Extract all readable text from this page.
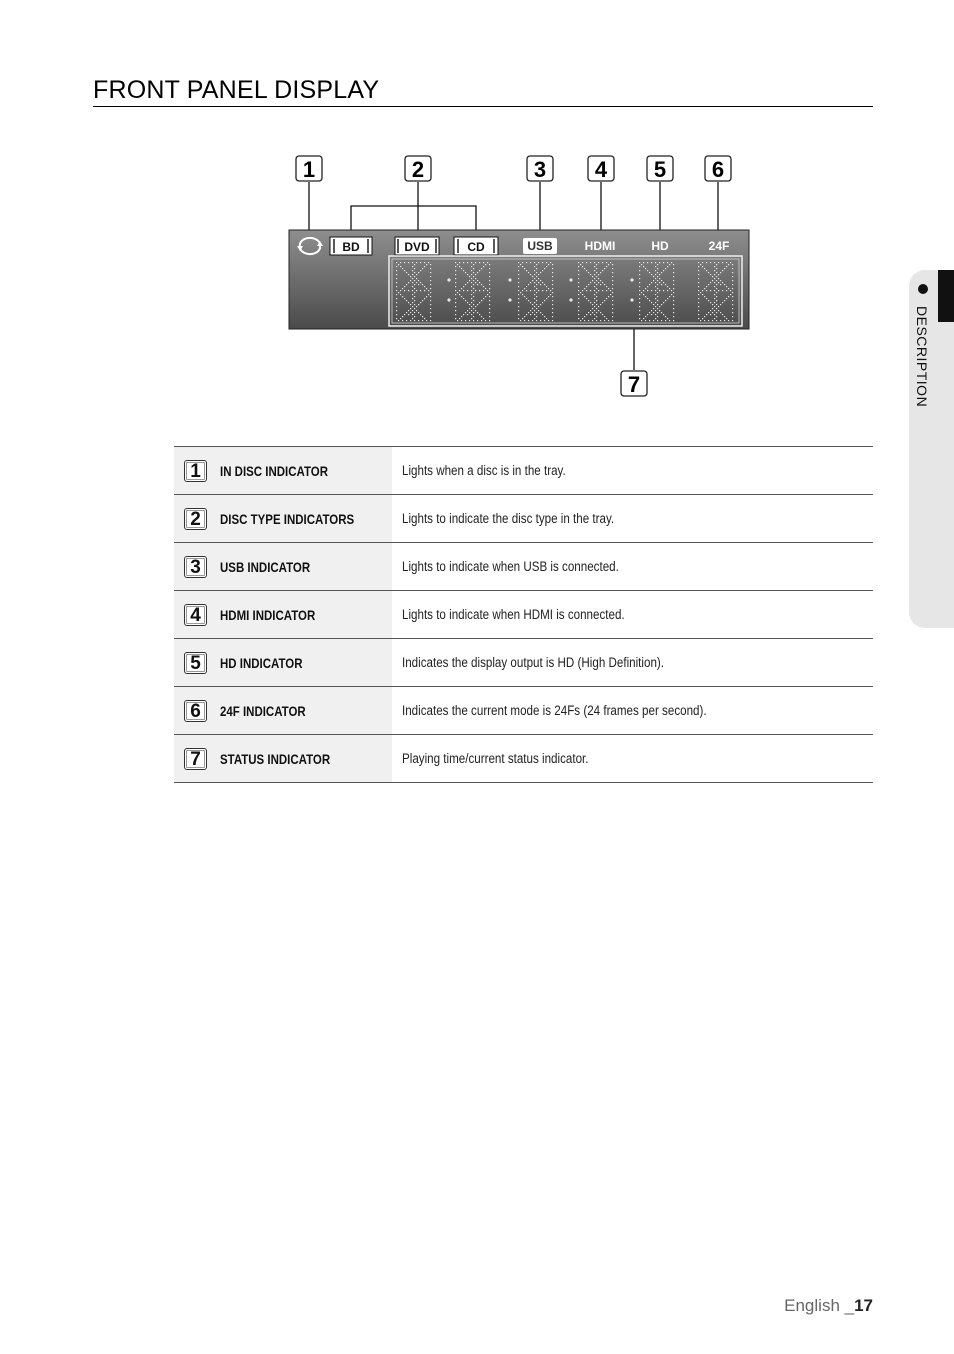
FRONT PANEL DISPLAY
1	2	3 4 5 6
7
BD	DVD	CD	USB	HDMI	HD	24F
DESCRIPTION
1 IN DISC INDICATOR	Lights when a disc is in the tray.
2 DISC TYPE INDICATORS	Lights to indicate the disc type in the tray.
3 USB INDICATOR	Lights to indicate when USB is connected.
4 HDMI INDICATOR	Lights to indicate when HDMI is connected.
5 HD INDICATOR	Indicates the display output is HD (High Definition).
6 24F INDICATOR	Indicates the current mode is 24Fs (24 frames per second).
7 STATUS INDICATOR	Playing time/current status indicator.
English _17
